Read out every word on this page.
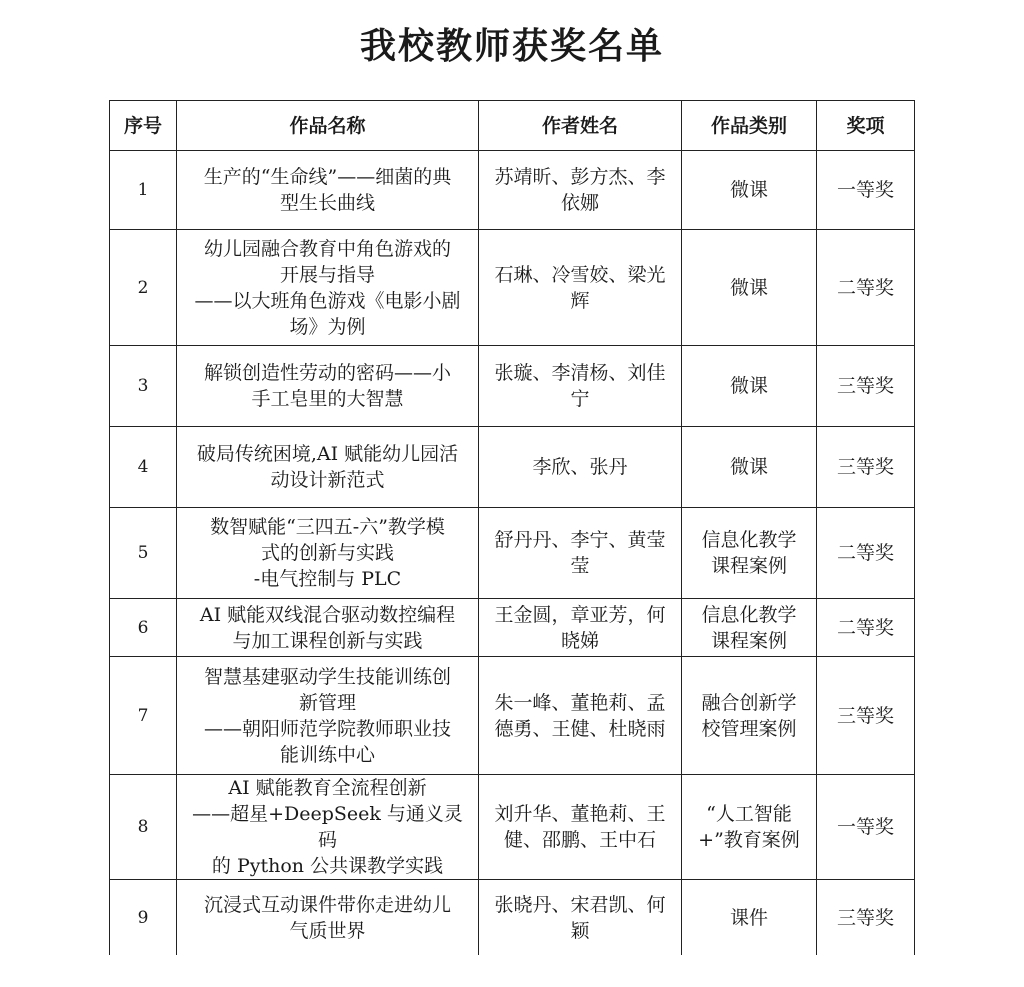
我校教师获奖名单
序号	作品名称	作者姓名	作品类别	奖项
1	生产的“生命线”——细菌的典
型生长曲线	苏靖昕、彭方杰、李
依娜	微课	一等奖
2	幼儿园融合教育中角色游戏的
开展与指导
——以大班角色游戏《电影小剧
场》为例	石琳、冷雪姣、梁光
辉	微课	二等奖
3	解锁创造性劳动的密码——小
手工皂里的大智慧	张璇、李清杨、刘佳
宁	微课	三等奖
4	破局传统困境,AI 赋能幼儿园活
动设计新范式	李欣、张丹	微课	三等奖
5	数智赋能“三四五-六”教学模
式的创新与实践
-电气控制与 PLC	舒丹丹、李宁、黄莹
莹	信息化教学
课程案例	二等奖
6	AI 赋能双线混合驱动数控编程
与加工课程创新与实践	王金圆，章亚芳，何
晓娣	信息化教学
课程案例	二等奖
7	智慧基建驱动学生技能训练创
新管理
——朝阳师范学院教师职业技
能训练中心	朱一峰、董艳莉、孟
德勇、王健、杜晓雨	融合创新学
校管理案例	三等奖
8	AI 赋能教育全流程创新
——超星+DeepSeek 与通义灵码
的 Python 公共课教学实践	刘升华、董艳莉、王
健、邵鹏、王中石	“人工智能
+”教育案例	一等奖
9	沉浸式互动课件带你走进幼儿
气质世界	张晓丹、宋君凯、何
颖	课件	三等奖
